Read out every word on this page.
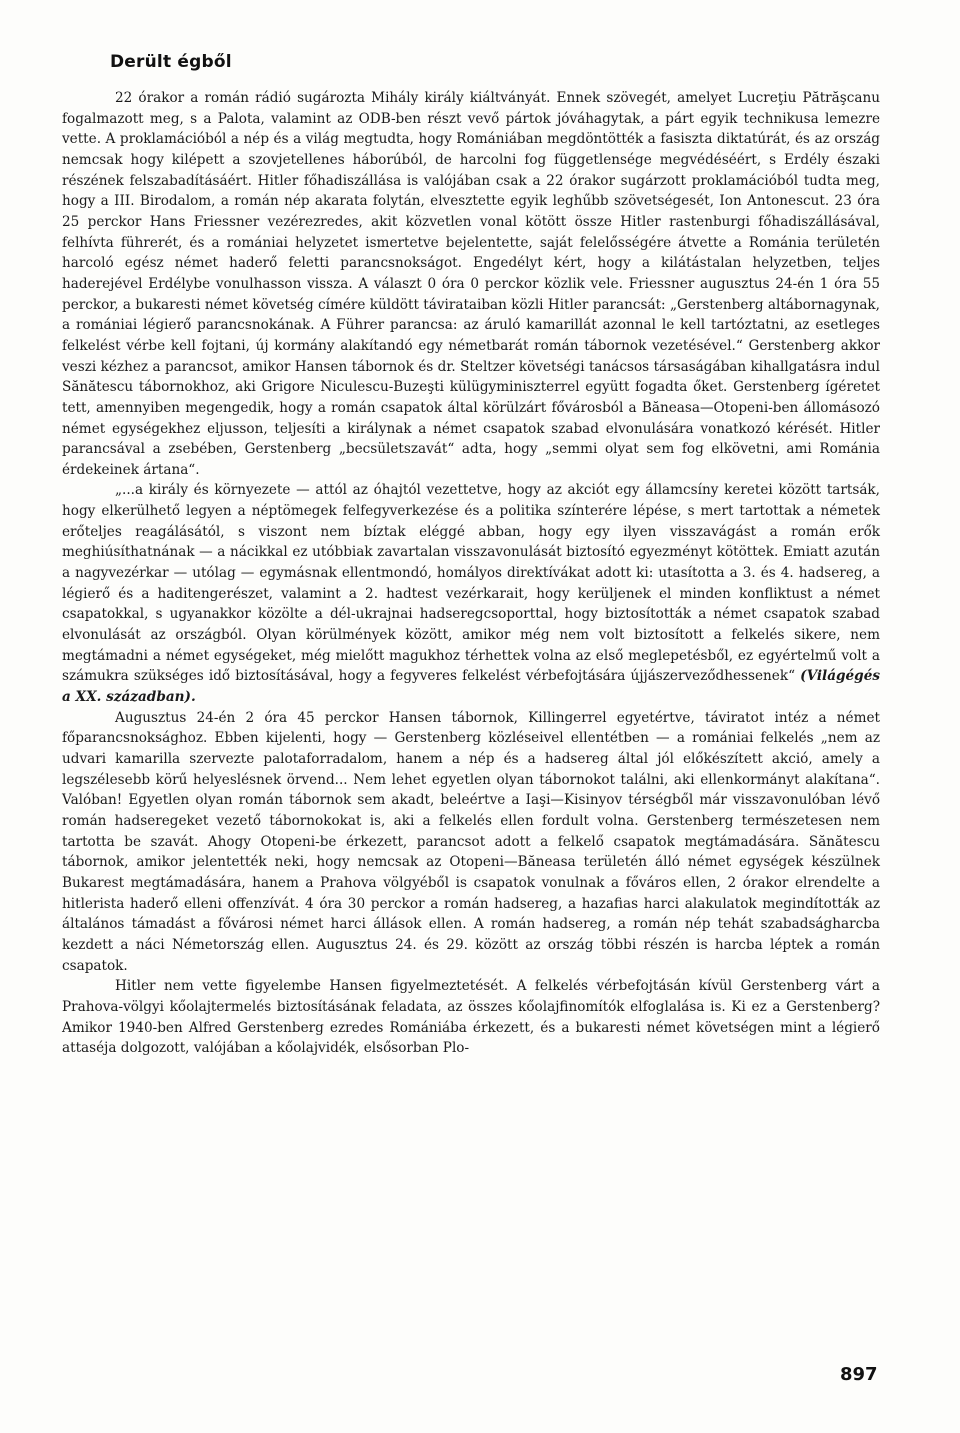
Derült égből

22 órakor a román rádió sugározta Mihály király kiáltványát. Ennek szövegét, amelyet Lucreţiu Pătrăşcanu fogalmazott meg, s a Palota, valamint az ODB-ben részt vevő pártok jóváhagytak, a párt egyik technikusa lemezre vette. A proklamációból a nép és a világ megtudta, hogy Romániában megdöntötték a fasiszta diktatúrát, és az ország nemcsak hogy kilépett a szovjetellenes háborúból, de harcolni fog függetlensége megvédéséért, s Erdély északi részének felszabadításáért. Hitler főhadiszállása is valójában csak a 22 órakor sugárzott proklamációból tudta meg, hogy a III. Birodalom, a román nép akarata folytán, elvesztette egyik leghűbb szövetségesét, Ion Antonescut. 23 óra 25 perckor Hans Friessner vezérezredes, akit közvetlen vonal kötött össze Hitler rastenburgi főhadiszállásával, felhívta führerét, és a romániai helyzetet ismertetve bejelentette, saját felelősségére átvette a Románia területén harcoló egész német haderő feletti parancsnokságot. Engedélyt kért, hogy a kilátástalan helyzetben, teljes haderejével Erdélybe vonulhasson vissza. A választ 0 óra 0 perckor közlik vele. Friessner augusztus 24-én 1 óra 55 perckor, a bukaresti német követség címére küldött távirataiban közli Hitler parancsát: „Gerstenberg altábornagynak, a romániai légierő parancsnokának. A Führer parancsa: az áruló kamarillát azonnal le kell tartóztatni, az esetleges felkelést vérbe kell fojtani, új kormány alakítandó egy németbarát román tábornok vezetésével.“ Gerstenberg akkor veszi kézhez a parancsot, amikor Hansen tábornok és dr. Steltzer követségi tanácsos társaságában kihallgatásra indul Sănătescu tábornokhoz, aki Grigore Niculescu-Buzeşti külügyminiszterrel együtt fogadta őket. Gerstenberg ígéretet tett, amennyiben megengedik, hogy a román csapatok által körülzárt fővárosból a Băneasa—Otopeni-ben állomásozó német egységekhez eljusson, teljesíti a királynak a német csapatok szabad elvonulására vonatkozó kérését. Hitler parancsával a zsebében, Gerstenberg „becsületszavát“ adta, hogy „semmi olyat sem fog elkövetni, ami Románia érdekeinek ártana“.

„...a király és környezete — attól az óhajtól vezettetve, hogy az akciót egy államcsíny keretei között tartsák, hogy elkerülhető legyen a néptömegek felfegyverkezése és a politika színterére lépése, s mert tartottak a németek erőteljes reagálásától, s viszont nem bíztak eléggé abban, hogy egy ilyen visszavágást a román erők meghiúsíthatnának — a nácikkal ez utóbbiak zavartalan visszavonulását biztosító egyezményt kötöttek. Emiatt azután a nagyvezérkar — utólag — egymásnak ellentmondó, homályos direktívákat adott ki: utasította a 3. és 4. hadsereg, a légierő és a haditengerészet, valamint a 2. hadtest vezérkarait, hogy kerüljenek el minden konfliktust a német csapatokkal, s ugyanakkor közölte a dél-ukrajnai hadseregcsoporttal, hogy biztosították a német csapatok szabad elvonulását az országból. Olyan körülmények között, amikor még nem volt biztosított a felkelés sikere, nem megtámadni a német egységeket, még mielőtt magukhoz térhettek volna az első meglepetésből, ez egyértelmű volt a számukra szükséges idő biztosításával, hogy a fegyveres felkelést vérbefojtására újjászerveződhessenek“ (Világégés a XX. században).

Augusztus 24-én 2 óra 45 perckor Hansen tábornok, Killingerrel egyetértve, táviratot intéz a német főparancsnoksághoz. Ebben kijelenti, hogy — Gerstenberg közléseivel ellentétben — a romániai felkelés „nem az udvari kamarilla szervezte palotaforradalom, hanem a nép és a hadsereg által jól előkészített akció, amely a legszélesebb körű helyeslésnek örvend... Nem lehet egyetlen olyan tábornokot találni, aki ellenkormányt alakítana“. Valóban! Egyetlen olyan román tábornok sem akadt, beleértve a Iaşi—Kisinyov térségből már visszavonulóban lévő román hadseregeket vezető tábornokokat is, aki a felkelés ellen fordult volna. Gerstenberg természetesen nem tartotta be szavát. Ahogy Otopeni-be érkezett, parancsot adott a felkelő csapatok megtámadására. Sănătescu tábornok, amikor jelentették neki, hogy nemcsak az Otopeni—Băneasa területén álló német egységek készülnek Bukarest megtámadására, hanem a Prahova völgyéből is csapatok vonulnak a főváros ellen, 2 órakor elrendelte a hitlerista haderő elleni offenzívát. 4 óra 30 perckor a román hadsereg, a hazafias harci alakulatok megindították az általános támadást a fővárosi német harci állások ellen. A román hadsereg, a román nép tehát szabadságharcba kezdett a náci Németország ellen. Augusztus 24. és 29. között az ország többi részén is harcba léptek a román csapatok.

Hitler nem vette figyelembe Hansen figyelmeztetését. A felkelés vérbefojtásán kívül Gerstenberg várt a Prahova-völgyi kőolajtermelés biztosításának feladata, az összes kőolajfinomítók elfoglalása is. Ki ez a Gerstenberg? Amikor 1940-ben Alfred Gerstenberg ezredes Romániába érkezett, és a bukaresti német követségen mint a légierő attaséja dolgozott, valójában a kőolajvidék, elsősorban Plo-

897
